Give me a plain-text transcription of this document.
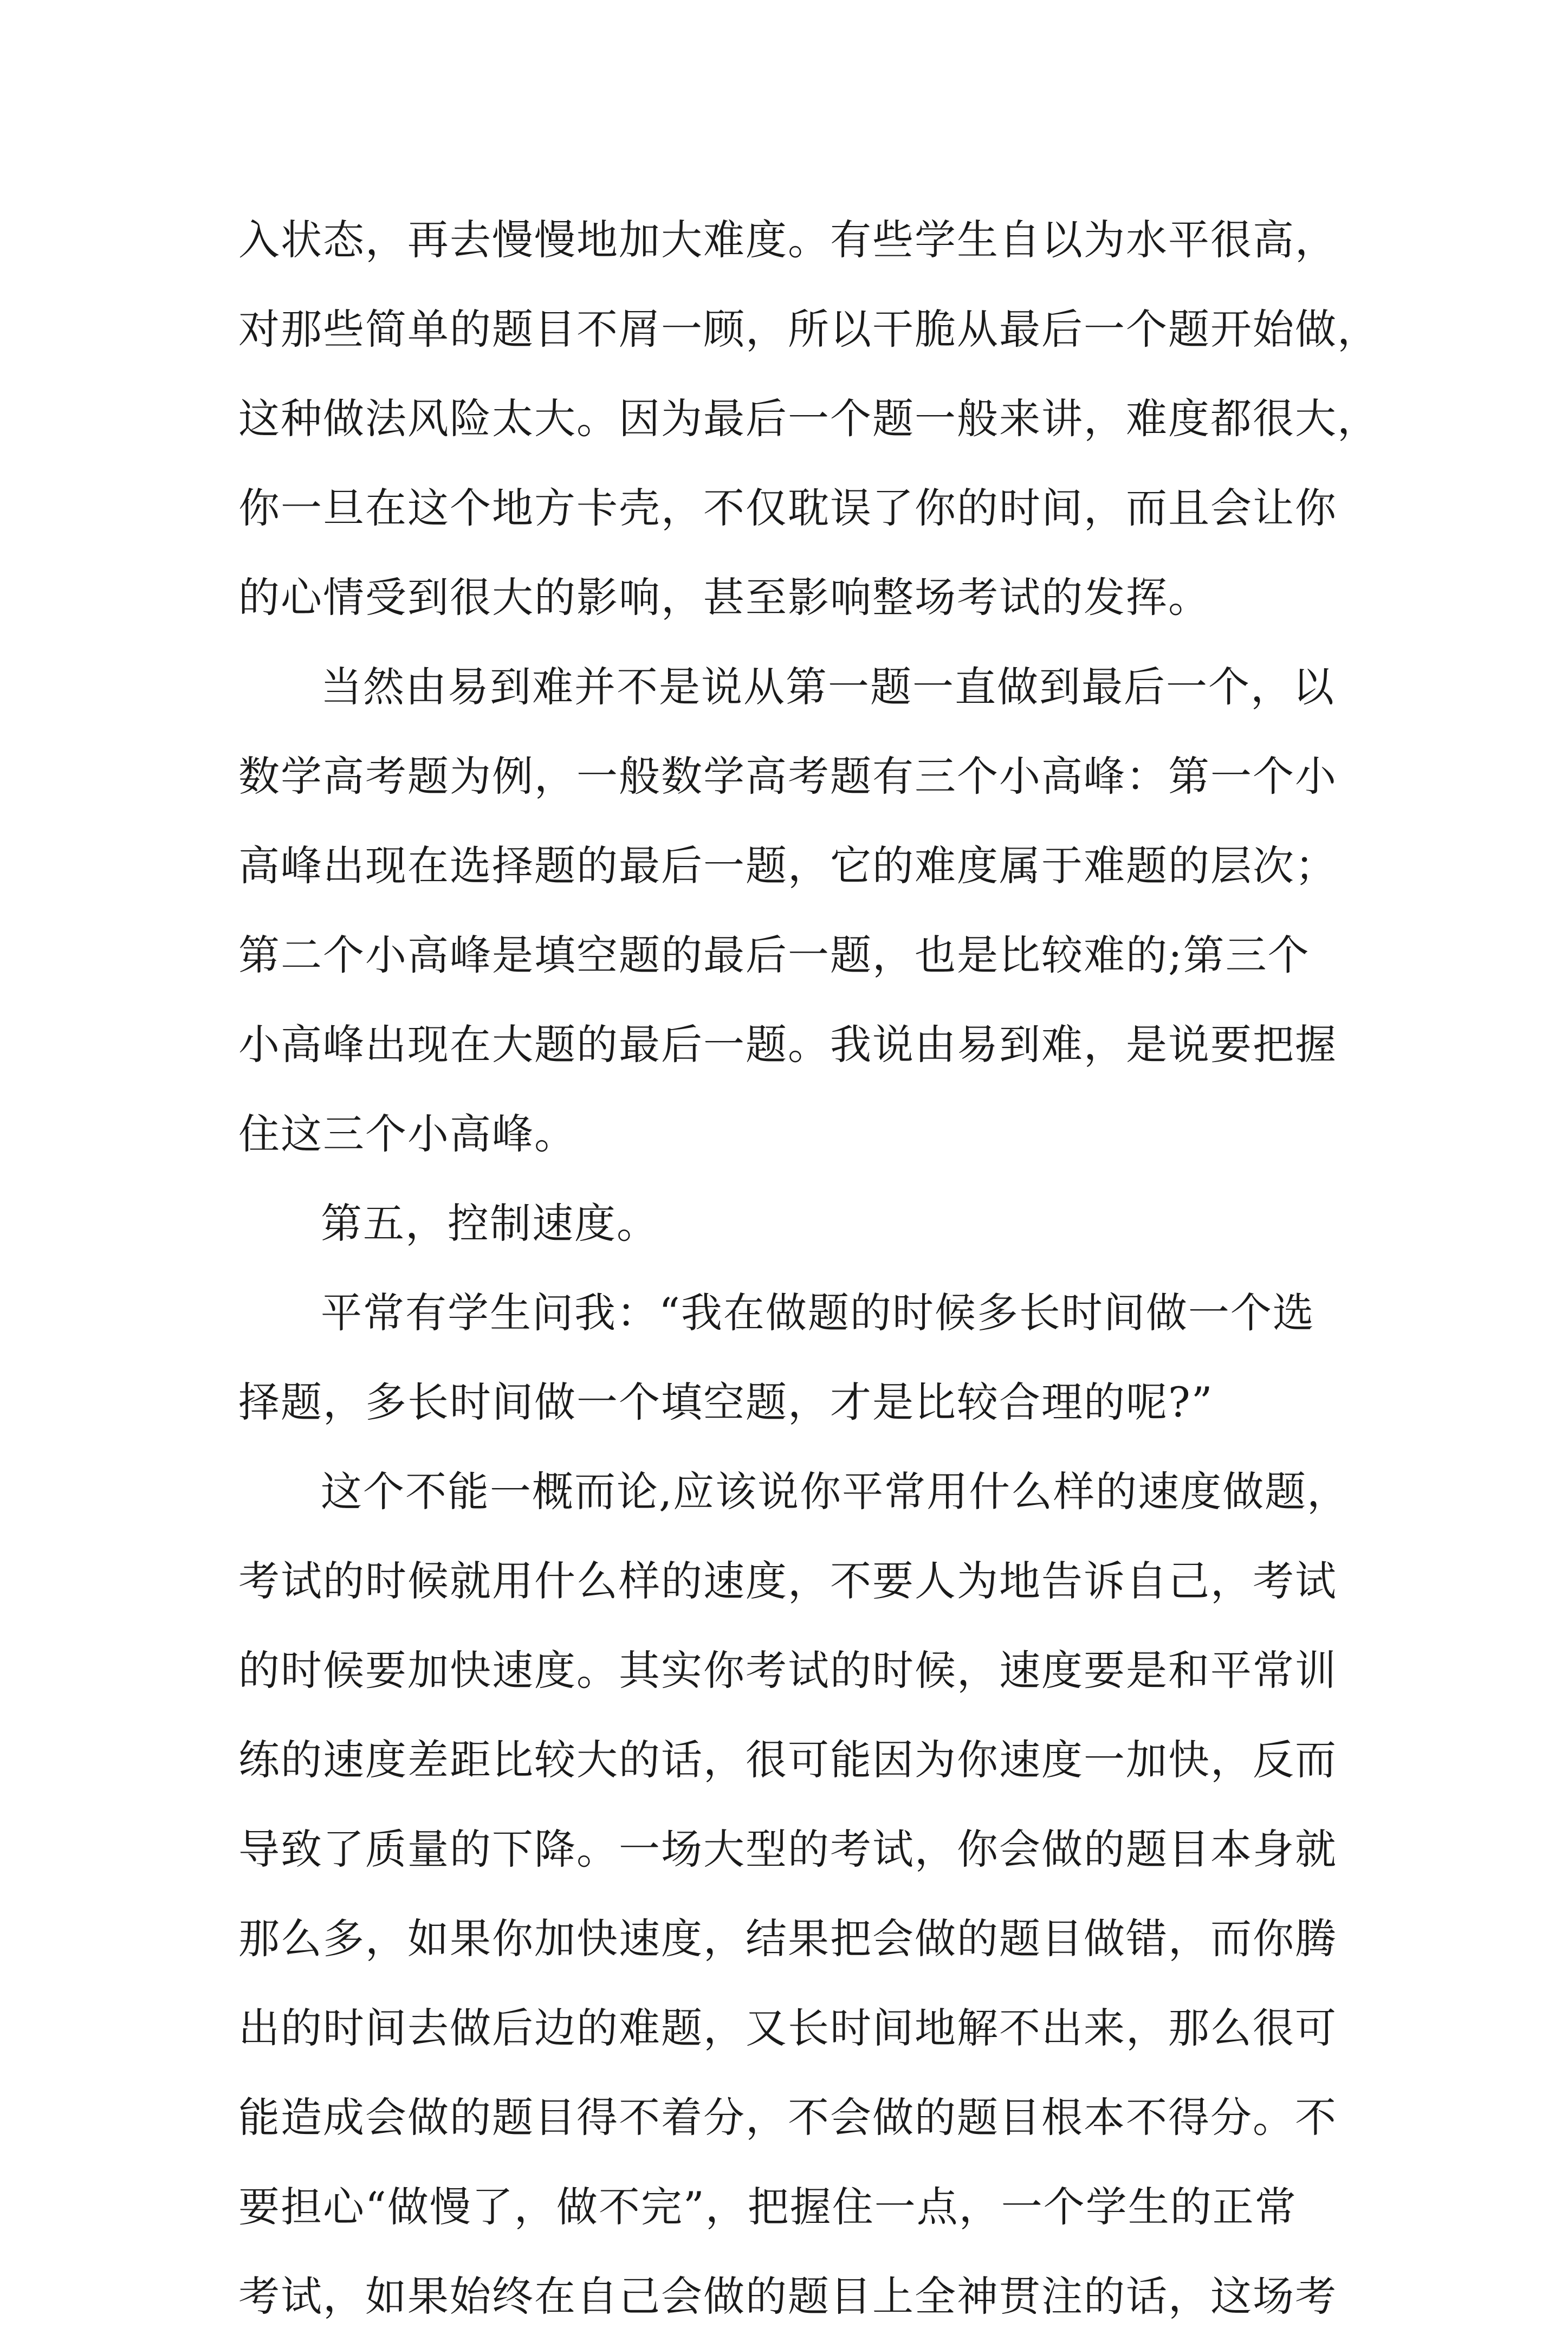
入状态，再去慢慢地加大难度。有些学生自以为水平很高，
对那些简单的题目不屑一顾，所以干脆从最后一个题开始做，
这种做法风险太大。因为最后一个题一般来讲，难度都很大，
你一旦在这个地方卡壳，不仅耽误了你的时间，而且会让你
的心情受到很大的影响，甚至影响整场考试的发挥。
当然由易到难并不是说从第一题一直做到最后一个，以
数学高考题为例，一般数学高考题有三个小高峰：第一个小
高峰出现在选择题的最后一题，它的难度属于难题的层次；
第二个小高峰是填空题的最后一题，也是比较难的;第三个
小高峰出现在大题的最后一题。我说由易到难，是说要把握
住这三个小高峰。
第五，控制速度。
平常有学生问我：“我在做题的时候多长时间做一个选
择题，多长时间做一个填空题，才是比较合理的呢?”
这个不能一概而论,应该说你平常用什么样的速度做题，
考试的时候就用什么样的速度，不要人为地告诉自己，考试
的时候要加快速度。其实你考试的时候，速度要是和平常训
练的速度差距比较大的话，很可能因为你速度一加快，反而
导致了质量的下降。一场大型的考试，你会做的题目本身就
那么多，如果你加快速度，结果把会做的题目做错，而你腾
出的时间去做后边的难题，又长时间地解不出来，那么很可
能造成会做的题目得不着分，不会做的题目根本不得分。不
要担心“做慢了，做不完”，把握住一点，一个学生的正常
考试，如果始终在自己会做的题目上全神贯注的话，这场考
